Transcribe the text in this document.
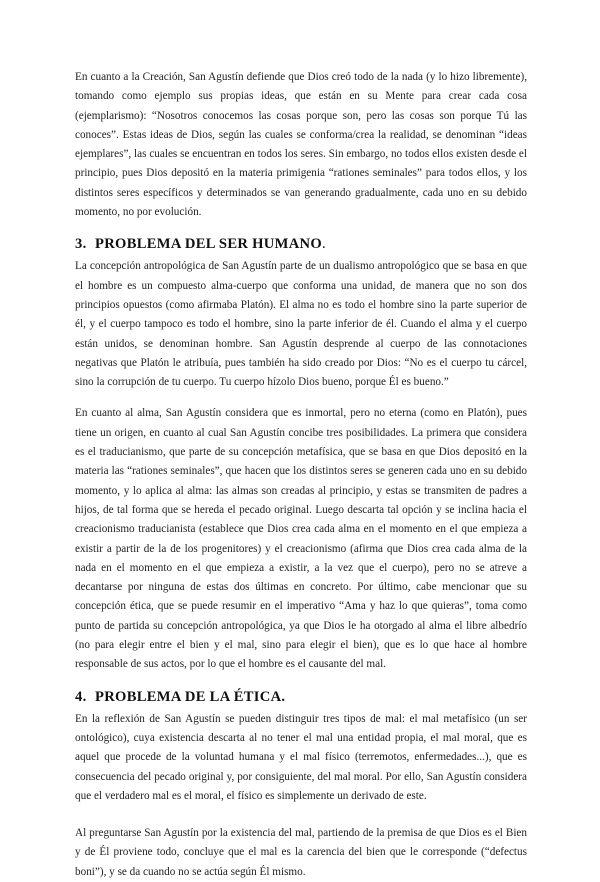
En cuanto a la Creación, San Agustín defiende que Dios creó todo de la nada (y lo hizo libremente), tomando como ejemplo sus propias ideas, que están en su Mente para crear cada cosa (ejemplarismo): “Nosotros conocemos las cosas porque son, pero las cosas son porque Tú las conoces”. Estas ideas de Dios, según las cuales se conforma/crea la realidad, se denominan “ideas ejemplares”, las cuales se encuentran en todos los seres. Sin embargo, no todos ellos existen desde el principio, pues Dios depositó en la materia primigenia “rationes seminales” para todos ellos, y los distintos seres específicos y determinados se van generando gradualmente, cada uno en su debido momento, no por evolución.

3. PROBLEMA DEL SER HUMANO.

La concepción antropológica de San Agustín parte de un dualismo antropológico que se basa en que el hombre es un compuesto alma-cuerpo que conforma una unidad, de manera que no son dos principios opuestos (como afirmaba Platón). El alma no es todo el hombre sino la parte superior de él, y el cuerpo tampoco es todo el hombre, sino la parte inferior de él. Cuando el alma y el cuerpo están unidos, se denominan hombre. San Agustín desprende al cuerpo de las connotaciones negativas que Platón le atribuía, pues también ha sido creado por Dios: “No es el cuerpo tu cárcel, sino la corrupción de tu cuerpo. Tu cuerpo hízolo Dios bueno, porque Él es bueno.”

En cuanto al alma, San Agustín considera que es inmortal, pero no eterna (como en Platón), pues tiene un origen, en cuanto al cual San Agustín concibe tres posibilidades. La primera que considera es el traducianismo, que parte de su concepción metafísica, que se basa en que Dios depositó en la materia las “rationes seminales”, que hacen que los distintos seres se generen cada uno en su debido momento, y lo aplica al alma: las almas son creadas al principio, y estas se transmiten de padres a hijos, de tal forma que se hereda el pecado original. Luego descarta tal opción y se inclina hacia el creacionismo traducianista (establece que Dios crea cada alma en el momento en el que empieza a existir a partir de la de los progenitores) y el creacionismo (afirma que Dios crea cada alma de la nada en el momento en el que empieza a existir, a la vez que el cuerpo), pero no se atreve a decantarse por ninguna de estas dos últimas en concreto. Por último, cabe mencionar que su concepción ética, que se puede resumir en el imperativo “Ama y haz lo que quieras”, toma como punto de partida su concepción antropológica, ya que Dios le ha otorgado al alma el libre albedrío (no para elegir entre el bien y el mal, sino para elegir el bien), que es lo que hace al hombre responsable de sus actos, por lo que el hombre es el causante del mal.

4. PROBLEMA DE LA ÉTICA.

En la reflexión de San Agustín se pueden distinguir tres tipos de mal: el mal metafísico (un ser ontológico), cuya existencia descarta al no tener el mal una entidad propia, el mal moral, que es aquel que procede de la voluntad humana y el mal físico (terremotos, enfermedades...), que es consecuencia del pecado original y, por consiguiente, del mal moral. Por ello, San Agustín considera que el verdadero mal es el moral, el físico es simplemente un derivado de este.

Al preguntarse San Agustín por la existencia del mal, partiendo de la premisa de que Dios es el Bien y de Él proviene todo, concluye que el mal es la carencia del bien que le corresponde (“defectus boni”), y se da cuando no se actúa según Él mismo.
